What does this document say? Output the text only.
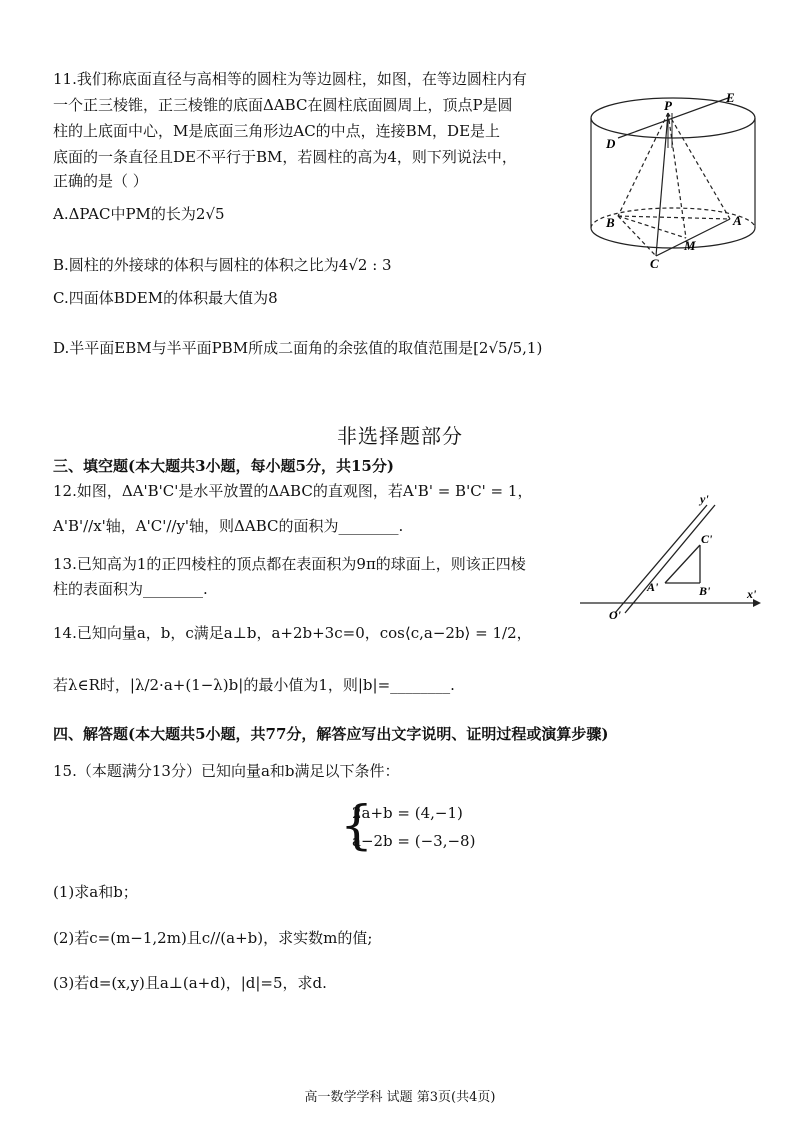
11.我们称底面直径与高相等的圆柱为等边圆柱，如图，在等边圆柱内有
一个正三棱锥，正三棱锥的底面ΔABC在圆柱底面圆周上，顶点P是圆
柱的上底面中心，M是底面三角形边AC的中点，连接BM，DE是上
底面的一条直径且DE不平行于BM，若圆柱的高为4，则下列说法中，
正确的是（ ）
A.ΔPAC中PM的长为2√5
B.圆柱的外接球的体积与圆柱的体积之比为4√2 : 3
C.四面体BDEM的体积最大值为8
D.半平面EBM与半平面PBM所成二面角的余弦值的取值范围是[2√5/5,1)
P
E
D
B	A
M
C
非选择题部分
三、填空题(本大题共3小题，每小题5分，共15分)
12.如图，ΔA'B'C'是水平放置的ΔABC的直观图，若A'B' = B'C' = 1，
A'B'//x'轴，A'C'//y'轴，则ΔABC的面积为________.
13.已知高为1的正四棱柱的顶点都在表面积为9π的球面上，则该正四棱
柱的表面积为________.
14.已知向量a，b，c满足a⊥b，a+2b+3c=0，cos⟨c,a−2b⟩ = 1/2，
若λ∈R时，|λ/2·a+(1−λ)b|的最小值为1，则|b|=________.
y'
x'
O'
A'	B'
C'
四、解答题(本大题共5小题，共77分，解答应写出文字说明、证明过程或演算步骤)
15.（本题满分13分）已知向量a和b满足以下条件：
{
2a+b = (4,−1)
a−2b = (−3,−8)
(1)求a和b；
(2)若c=(m−1,2m)且c//(a+b)，求实数m的值;
(3)若d=(x,y)且a⊥(a+d)，|d|=5，求d.
高一数学学科 试题 第3页(共4页)
